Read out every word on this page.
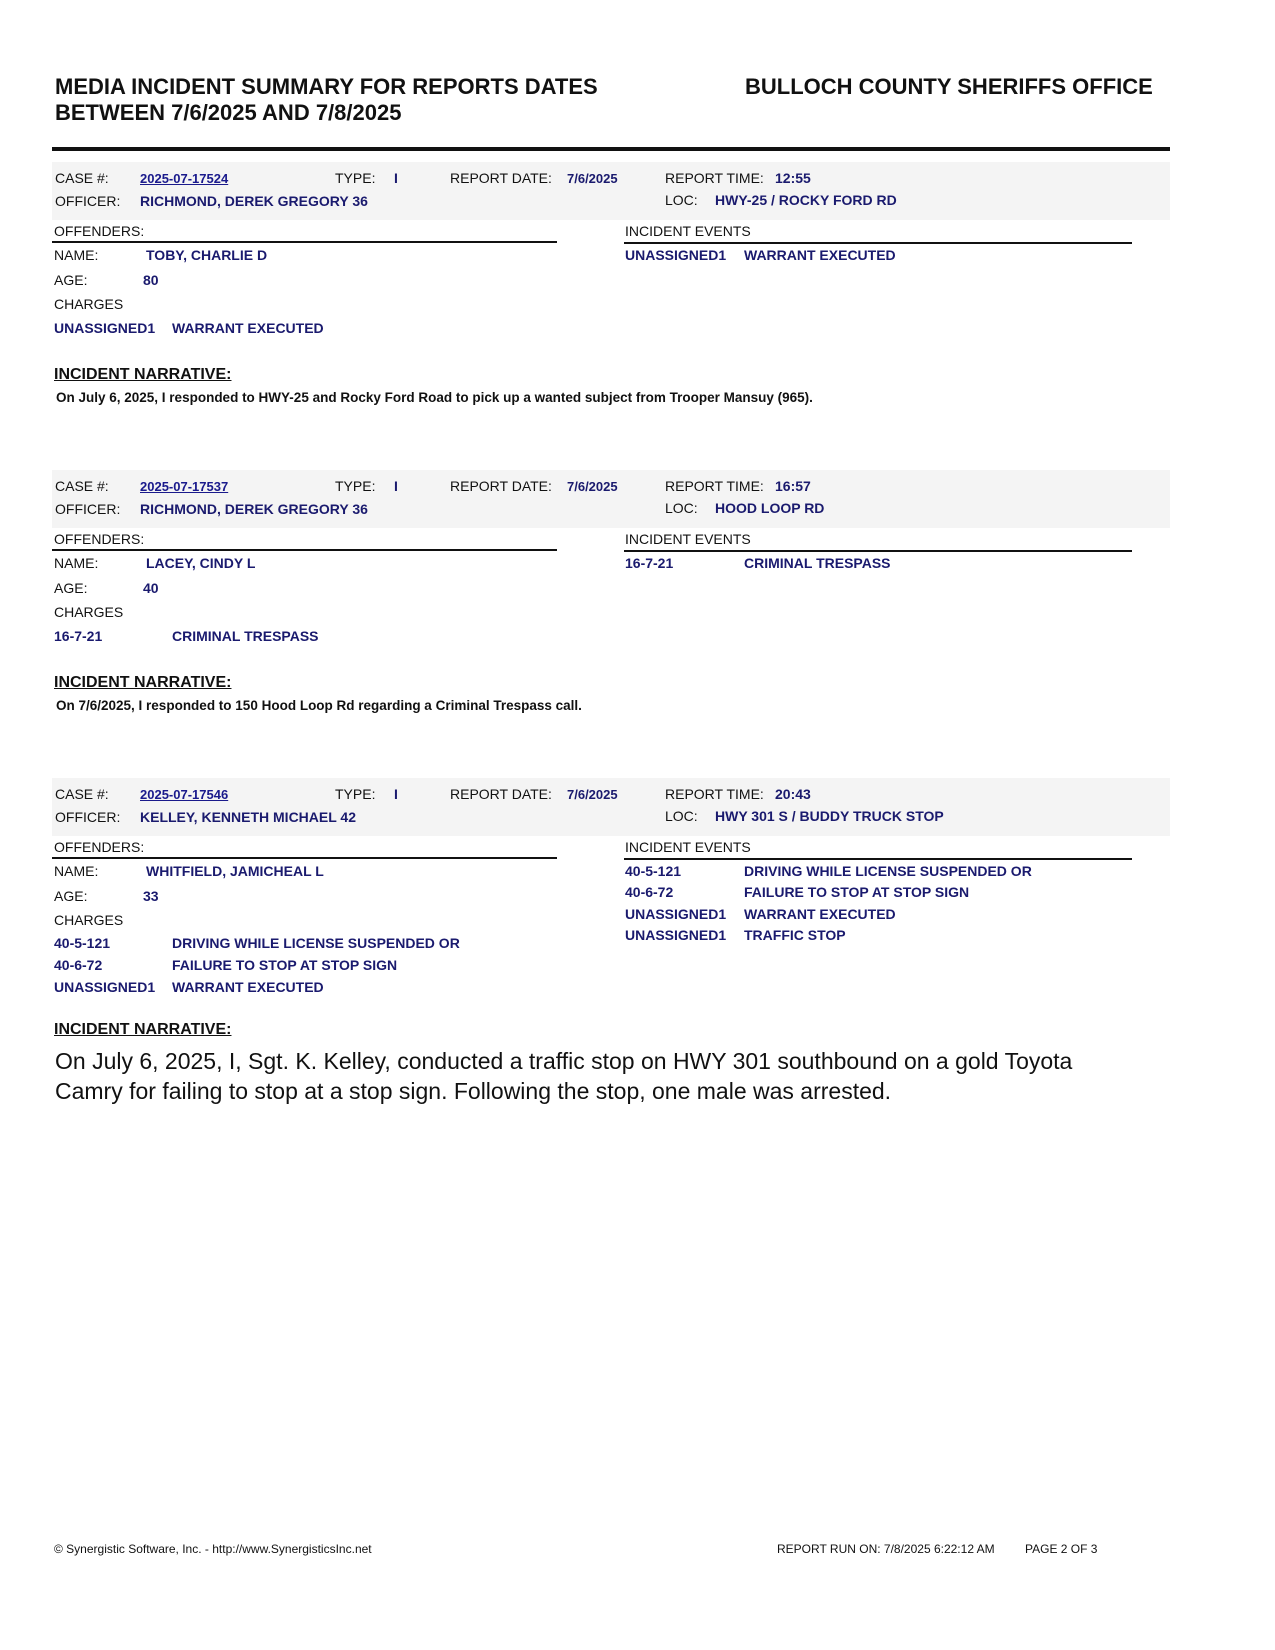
MEDIA INCIDENT SUMMARY FOR REPORTS DATES
BETWEEN 7/6/2025 AND 7/8/2025
BULLOCH COUNTY SHERIFFS OFFICE
CASE #: 2025-07-17524	TYPE: I	REPORT DATE: 7/6/2025	REPORT TIME: 12:55
OFFICER: RICHMOND, DEREK GREGORY 36	LOC: HWY-25 / ROCKY FORD RD
OFFENDERS:	INCIDENT EVENTS
NAME:	TOBY, CHARLIE D
AGE:	80
CHARGES
UNASSIGNED1 WARRANT EXECUTED
UNASSIGNED1 WARRANT EXECUTED
INCIDENT NARRATIVE:
On July 6, 2025, I responded to HWY-25 and Rocky Ford Road to pick up a wanted subject from Trooper Mansuy (965).
CASE #: 2025-07-17537	TYPE: I	REPORT DATE: 7/6/2025	REPORT TIME: 16:57
OFFICER: RICHMOND, DEREK GREGORY 36	LOC: HOOD LOOP RD
OFFENDERS:	INCIDENT EVENTS
NAME:	LACEY, CINDY L
AGE:	40
CHARGES
16-7-21	CRIMINAL TRESPASS
16-7-21	CRIMINAL TRESPASS
INCIDENT NARRATIVE:
On 7/6/2025, I responded to 150 Hood Loop Rd regarding a Criminal Trespass call.
CASE #: 2025-07-17546	TYPE: I	REPORT DATE: 7/6/2025	REPORT TIME: 20:43
OFFICER: KELLEY, KENNETH MICHAEL 42	LOC: HWY 301 S / BUDDY TRUCK STOP
OFFENDERS:	INCIDENT EVENTS
NAME:	WHITFIELD, JAMICHEAL L
AGE:	33
CHARGES
40-5-121	DRIVING WHILE LICENSE SUSPENDED OR
40-6-72	FAILURE TO STOP AT STOP SIGN
UNASSIGNED1 WARRANT EXECUTED
40-5-121	DRIVING WHILE LICENSE SUSPENDED OR
40-6-72	FAILURE TO STOP AT STOP SIGN
UNASSIGNED1 WARRANT EXECUTED
UNASSIGNED1 TRAFFIC STOP
INCIDENT NARRATIVE:
On July 6, 2025, I, Sgt. K. Kelley, conducted a traffic stop on HWY 301 southbound on a gold Toyota Camry for failing to stop at a stop sign. Following the stop, one male was arrested.
© Synergistic Software, Inc. - http://www.SynergisticsInc.net	REPORT RUN ON: 7/8/2025 6:22:12 AM	PAGE 2 OF 3
